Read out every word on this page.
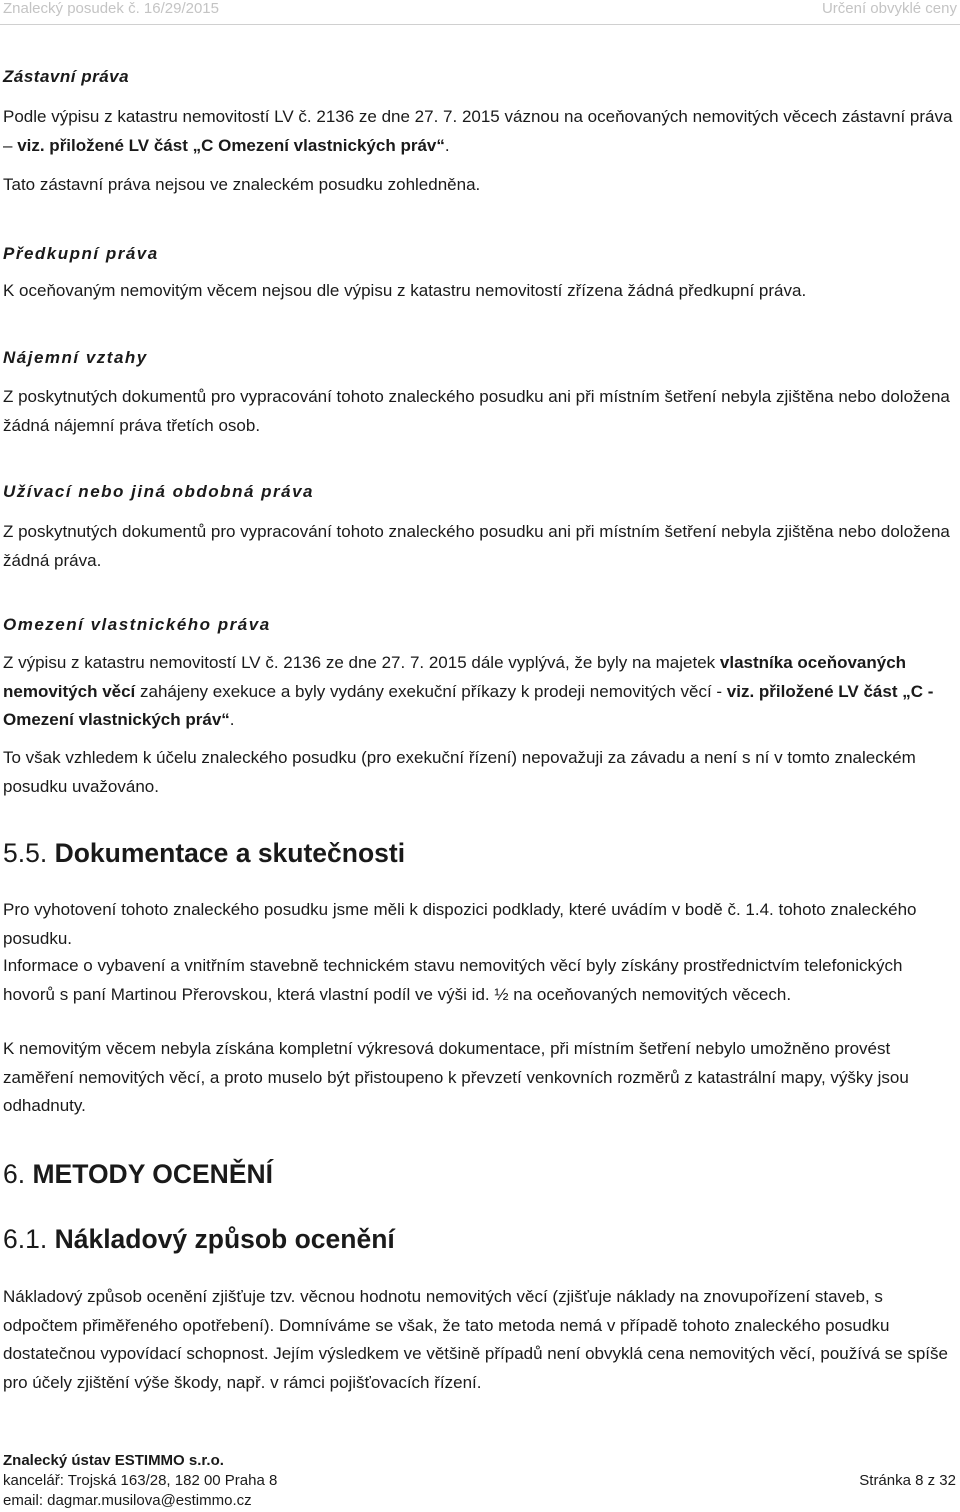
Znalecký posudek č. 16/29/2015	Určení obvyklé ceny
Zástavní práva
Podle výpisu z katastru nemovitostí LV č. 2136 ze dne 27. 7. 2015 váznou na oceňovaných nemovitých věcech zástavní práva – viz. přiložené LV část „C Omezení vlastnických práv“.
Tato zástavní práva nejsou ve znaleckém posudku zohledněna.
Předkupní práva
K oceňovaným nemovitým věcem nejsou dle výpisu z katastru nemovitostí zřízena žádná předkupní práva.
Nájemní vztahy
Z poskytnutých dokumentů pro vypracování tohoto znaleckého posudku ani při místním šetření nebyla zjištěna nebo doložena žádná nájemní práva třetích osob.
Užívací nebo jiná obdobná práva
Z poskytnutých dokumentů pro vypracování tohoto znaleckého posudku ani při místním šetření nebyla zjištěna nebo doložena žádná práva.
Omezení vlastnického práva
Z výpisu z katastru nemovitostí LV č. 2136 ze dne 27. 7. 2015 dále vyplývá, že byly na majetek vlastníka oceňovaných nemovitých věcí zahájeny exekuce a byly vydány exekuční příkazy k prodeji nemovitých věcí - viz. přiložené LV část „C - Omezení vlastnických práv“.
To však vzhledem k účelu znaleckého posudku (pro exekuční řízení) nepovažuji za závadu a není s ní v tomto znaleckém posudku uvažováno.
5.5. Dokumentace a skutečnosti
Pro vyhotovení tohoto znaleckého posudku jsme měli k dispozici podklady, které uvádím v bodě č. 1.4. tohoto znaleckého posudku.
Informace o vybavení a vnitřním stavebně technickém stavu nemovitých věcí byly získány prostřednictvím telefonických hovorů s paní Martinou Přerovskou, která vlastní podíl ve výši id. ½ na oceňovaných nemovitých věcech.
K nemovitým věcem nebyla získána kompletní výkresová dokumentace, při místním šetření nebylo umožněno provést zaměření nemovitých věcí, a proto muselo být přistoupeno k převzetí venkovních rozměrů z katastrální mapy, výšky jsou odhadnuty.
6. METODY OCENĚNÍ
6.1. Nákladový způsob ocenění
Nákladový způsob ocenění zjišťuje tzv. věcnou hodnotu nemovitých věcí (zjišťuje náklady na znovupořízení staveb, s odpočtem přiměřeného opotřebení). Domníváme se však, že tato metoda nemá v případě tohoto znaleckého posudku dostatečnou vypovídací schopnost. Jejím výsledkem ve většině případů není obvyklá cena nemovitých věcí, používá se spíše pro účely zjištění výše škody, např. v rámci pojišťovacích řízení.
Znalecký ústav ESTIMMO s.r.o.
kancelář: Trojská 163/28, 182 00 Praha 8	Stránka 8 z 32
email: dagmar.musilova@estimmo.cz
